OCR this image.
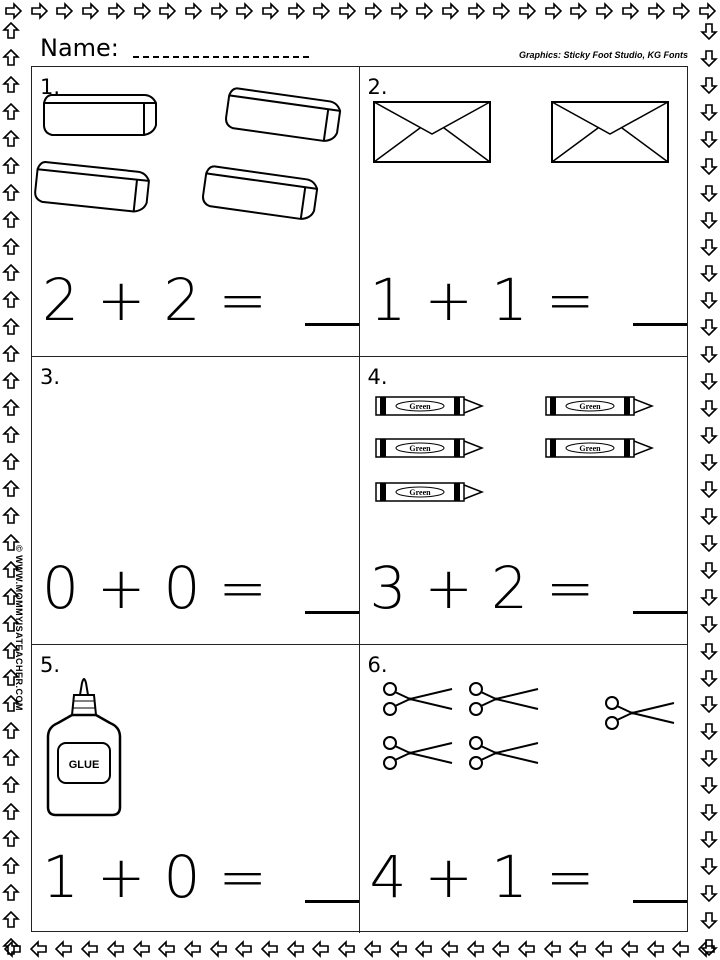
Name:	Graphics: Sticky Foot Studio, KG Fonts
© WWW.MOMMYISATEACHER.COM
1.
2 + 2 =
2.
1 + 1 =
3.
0 + 0 =
4.
Green	Green
Green	Green
Green
3 + 2 =
5.
GLUE
1 + 0 =
6.
4 + 1 =
